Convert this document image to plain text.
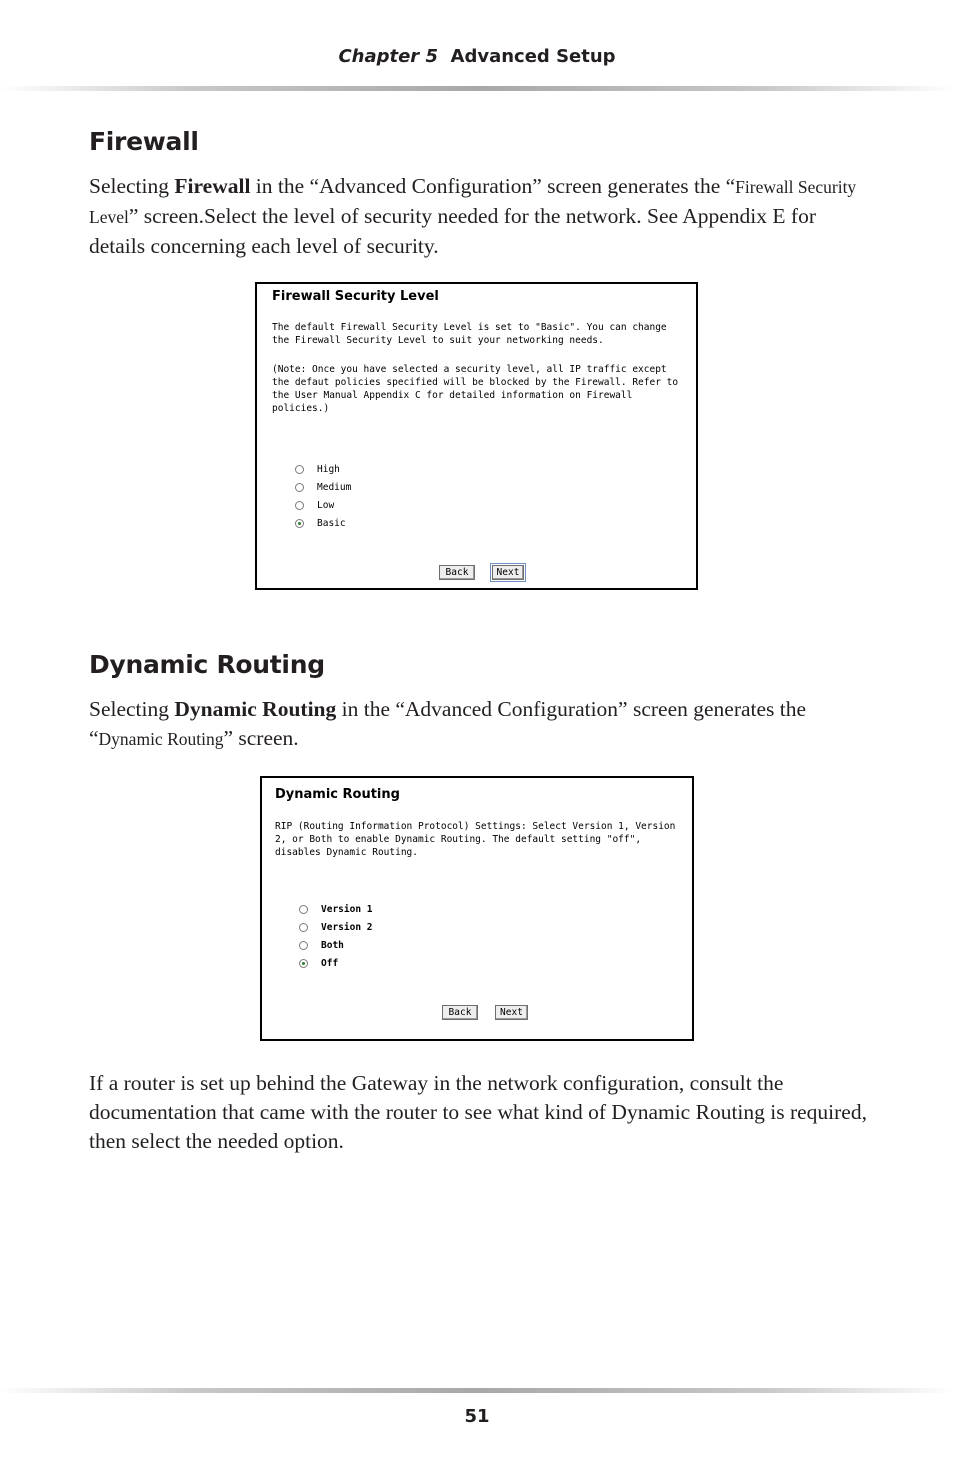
Chapter 5 Advanced Setup
Firewall

Selecting Firewall in the “Advanced Configuration” screen generates the “Firewall Security Level” screen.Select the level of security needed for the network. See Appendix E for details concerning each level of security.

Firewall Security Level

The default Firewall Security Level is set to "Basic". You can change the Firewall Security Level to suit your networking needs.

(Note: Once you have selected a security level, all IP traffic except the defaut policies specified will be blocked by the Firewall. Refer to the User Manual Appendix C for detailed information on Firewall policies.)

High
Medium
Low
Basic
Back	Next
Dynamic Routing

Selecting Dynamic Routing in the “Advanced Configuration” screen generates the “Dynamic Routing” screen.

Dynamic Routing

RIP (Routing Information Protocol) Settings: Select Version 1, Version 2, or Both to enable Dynamic Routing. The default setting "off", disables Dynamic Routing.

Version 1
Version 2
Both
Off
Back	Next

If a router is set up behind the Gateway in the network configuration, consult the documentation that came with the router to see what kind of Dynamic Routing is required, then select the needed option.

51
